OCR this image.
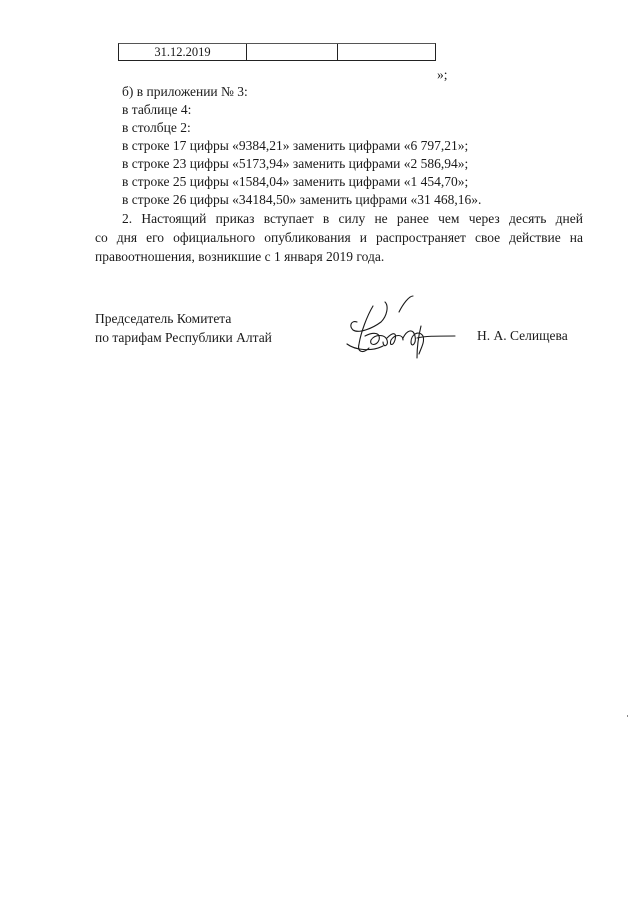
31.12.2019
»;
б) в приложении № 3:
в таблице 4:
в столбце 2:
в строке 17 цифры «9384,21» заменить цифрами «6 797,21»;
в строке 23 цифры «5173,94» заменить цифрами «2 586,94»;
в строке 25 цифры «1584,04» заменить цифрами «1 454,70»;
в строке 26 цифры «34184,50» заменить цифрами «31 468,16».
2. Настоящий приказ вступает в силу не ранее чем через десять дней
со дня его официального опубликования и распространяет свое действие на
правоотношения, возникшие с 1 января 2019 года.
Председатель Комитета
по тарифам Республики Алтай	Н. А. Селищева
